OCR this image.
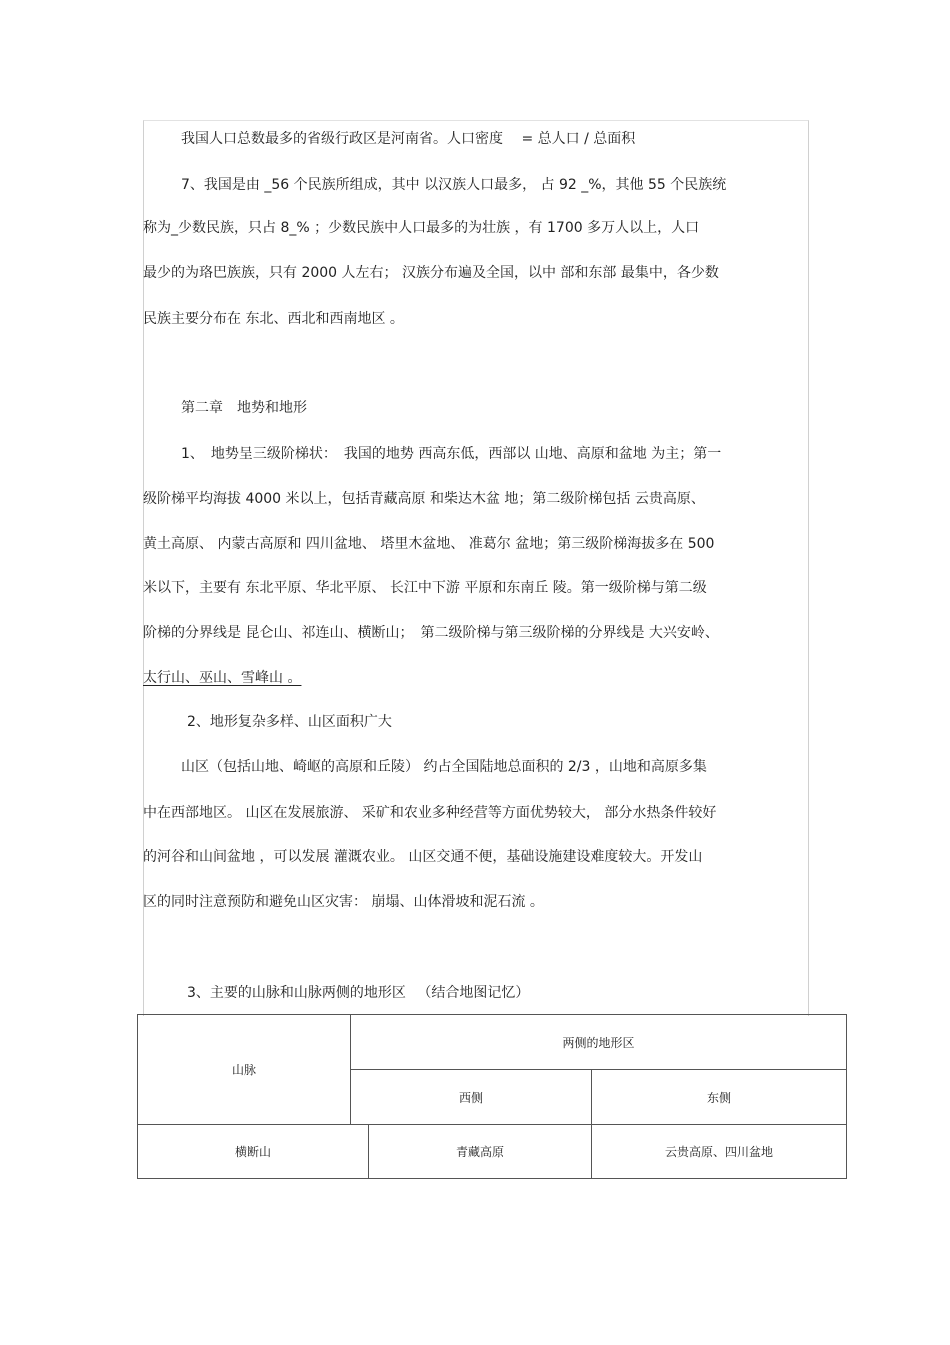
我国人口总数最多的省级行政区是河南省。人口密度 　= 总人口 / 总面积
7、我国是由 _56 个民族所组成，其中 以汉族人口最多， 占 92 _%，其他 55 个民族统
称为_少数民族，只占 8_% ；少数民族中人口最多的为壮族 ，有 1700 多万人以上，人口
最少的为珞巴族族，只有 2000 人左右； 汉族分布遍及全国，以中 部和东部 最集中，各少数
民族主要分布在 东北、西北和西南地区 。
第二章　地势和地形
1、　地势呈三级阶梯状：　我国的地势 西高东低，西部以 山地、高原和盆地 为主；第一
级阶梯平均海拔 4000 米以上，包括青藏高原 和柴达木盆 地；第二级阶梯包括 云贵高原、
黄土高原、 内蒙古高原和 四川盆地、 塔里木盆地、 准葛尔 盆地；第三级阶梯海拔多在 500
米以下，主要有 东北平原、华北平原、 长江中下游 平原和东南丘 陵。第一级阶梯与第二级
阶梯的分界线是 昆仑山、祁连山、横断山；　第二级阶梯与第三级阶梯的分界线是 大兴安岭、
太行山、巫山、雪峰山 。
2、地形复杂多样、山区面积广大
山区（包括山地、崎岖的高原和丘陵） 约占全国陆地总面积的 2/3 ，山地和高原多集
中在西部地区。 山区在发展旅游、 采矿和农业多种经营等方面优势较大， 部分水热条件较好
的河谷和山间盆地 ，可以发展 灌溉农业。 山区交通不便，基础设施建设难度较大。开发山
区的同时注意预防和避免山区灾害： 崩塌、山体滑坡和泥石流 。
3、主要的山脉和山脉两侧的地形区 　（结合地图记忆）
山脉
两侧的地形区
西侧	东侧
横断山	青藏高原	云贵高原、四川盆地
